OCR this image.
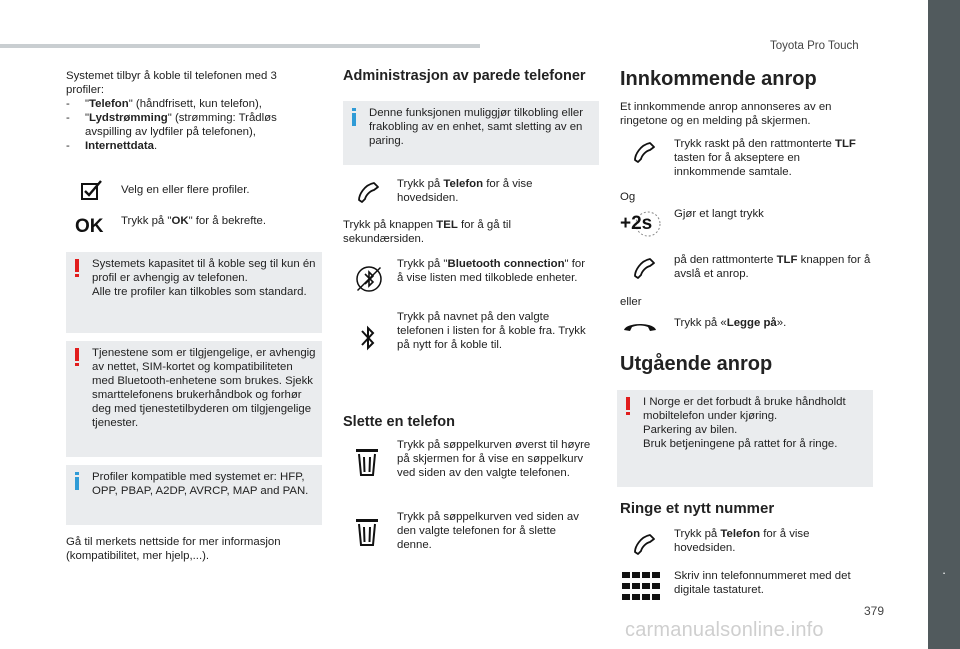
Toyota Pro Touch
.
379
carmanualsonline.info

Systemet tilbyr å koble til telefonen med 3 profiler:

- "Telefon" (håndfrisett, kun telefon),
- "Lydstrømming" (strømming: Trådløs avspilling av lydfiler på telefonen),
- Internettdata.
Velg en eller flere profiler.
OK Trykk på "OK" for å bekrefte.

Systemets kapasitet til å koble seg til kun én profil er avhengig av telefonen.

Alle tre profiler kan tilkobles som standard.

Tjenestene som er tilgjengelige, er avhengig av nettet, SIM-kortet og kompatibiliteten med Bluetooth-enhetene som brukes. Sjekk smarttelefonens brukerhåndbok og forhør deg med tjenestetilbyderen om tilgjengelige tjenester.

Profiler kompatible med systemet er: HFP, OPP, PBAP, A2DP, AVRCP, MAP and PAN.

Gå til merkets nettside for mer informasjon (kompatibilitet, mer hjelp,...).
Administrasjon av parede telefoner

Denne funksjonen muliggjør tilkobling eller frakobling av en enhet, samt sletting av en paring.

Trykk på Telefon for å vise hovedsiden.
Trykk på knappen TEL for å gå til sekundærsiden.
Trykk på "Bluetooth connection" for å vise listen med tilkoblede enheter.
Trykk på navnet på den valgte telefonen i listen for å koble fra. Trykk på nytt for å koble til.
Slette en telefon
Trykk på søppelkurven øverst til høyre på skjermen for å vise en søppelkurv ved siden av den valgte telefonen.
Trykk på søppelkurven ved siden av den valgte telefonen for å slette denne.
Innkommende anrop
Et innkommende anrop annonseres av en ringetone og en melding på skjermen.
Trykk raskt på den rattmonterte TLF tasten for å akseptere en innkommende samtale.
Og
+2s Gjør et langt trykk
på den rattmonterte TLF knappen for å avslå et anrop.
eller
Trykk på «Legge på».
Utgående anrop

I Norge er det forbudt å bruke håndholdt mobiltelefon under kjøring.

Parkering av bilen.

Bruk betjeningene på rattet for å ringe.

Ringe et nytt nummer
Trykk på Telefon for å vise hovedsiden.
Skriv inn telefonnummeret med det digitale tastaturet.
